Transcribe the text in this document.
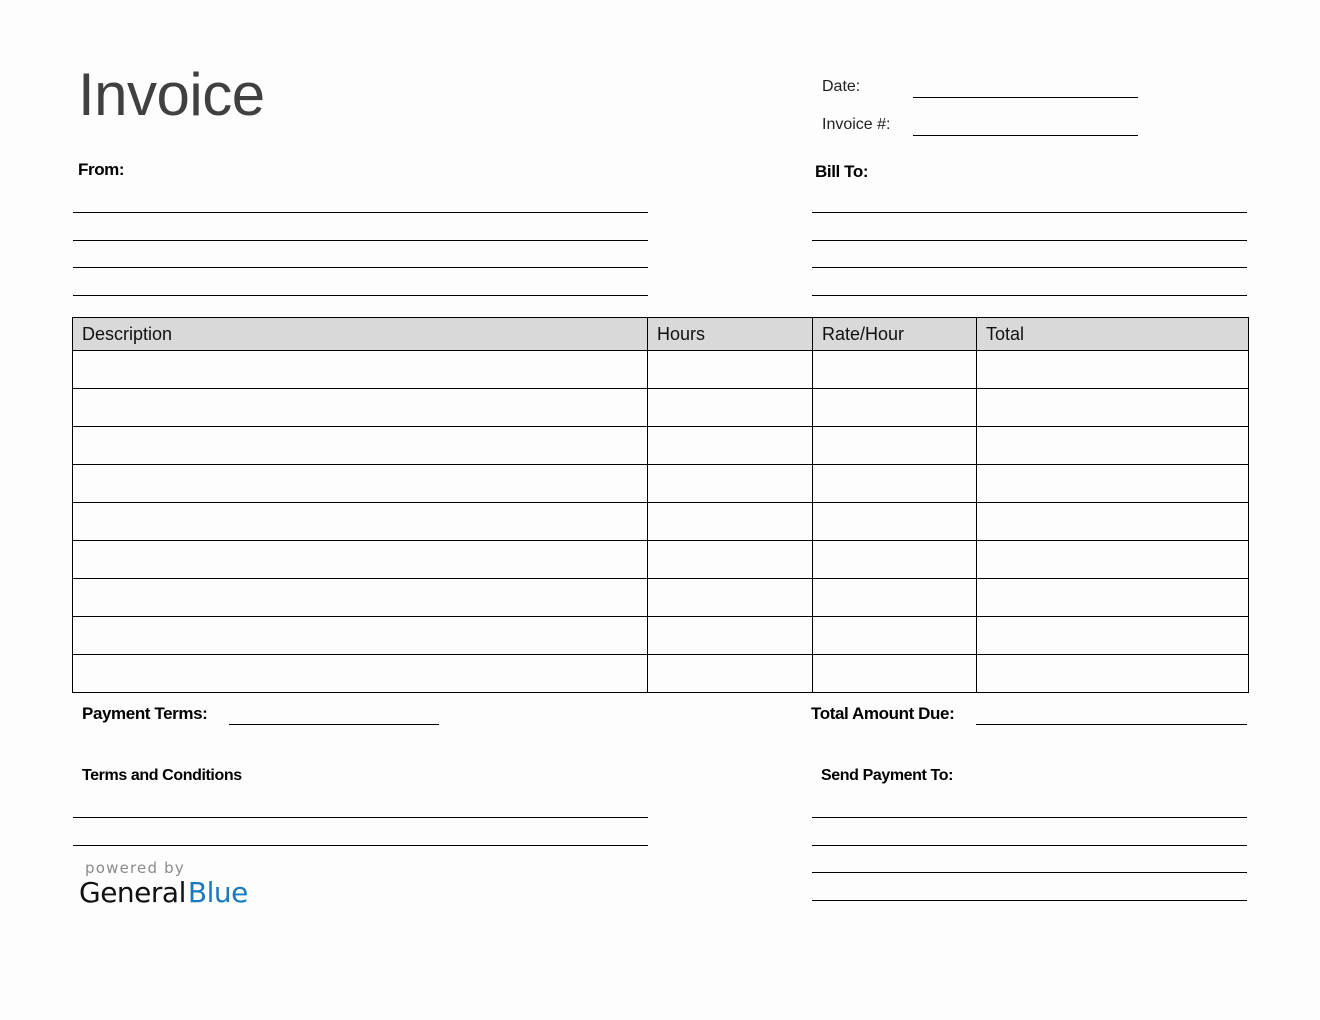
Invoice	Date:
Invoice #:
From:	Bill To:
Description	Hours	Rate/Hour	Total

Payment Terms:	Total Amount Due:
Terms and Conditions	Send Payment To:
powered by
GeneralBlue
